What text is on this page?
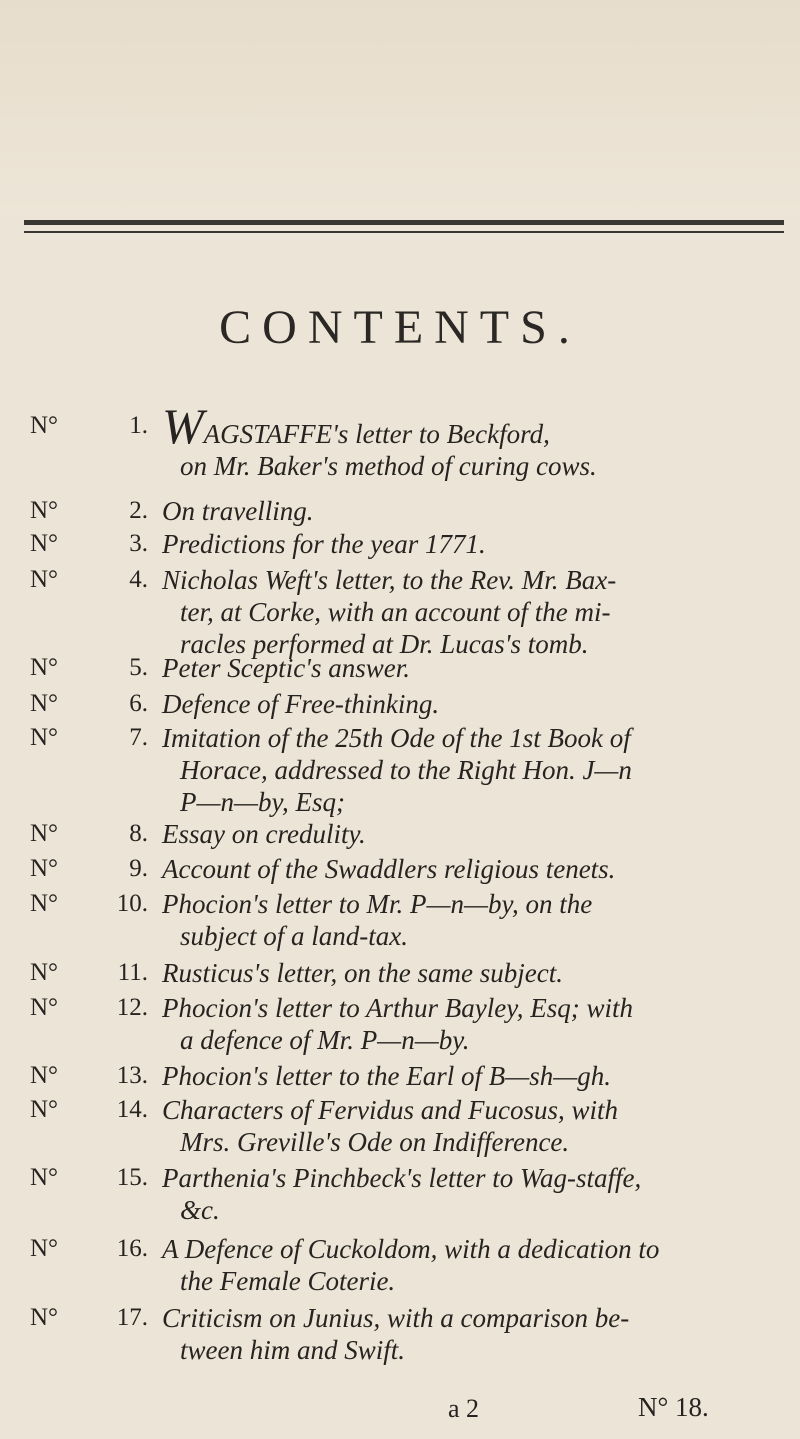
CONTENTS.
N°	1. WAGSTAFFE's letter to Beckford,
on Mr. Baker's method of curing cows.
N°	2. On travelling.
N°	3. Predictions for the year 1771.
N°	4. Nicholas Weft's letter, to the Rev. Mr. Bax-
ter, at Corke, with an account of the mi-
racles performed at Dr. Lucas's tomb.
N°	5. Peter Sceptic's answer.
N°	6. Defence of Free-thinking.
N°	7. Imitation of the 25th Ode of the 1st Book of
Horace, addressed to the Right Hon. J—n
P—n—by, Esq;
N°	8. Essay on credulity.
N°	9. Account of the Swaddlers religious tenets.
N°	10. Phocion's letter to Mr. P—n—by, on the
subject of a land-tax.
N°	11. Rusticus's letter, on the same subject.
N°	12. Phocion's letter to Arthur Bayley, Esq; with
a defence of Mr. P—n—by.
N°	13. Phocion's letter to the Earl of B—sh—gh.
N°	14. Characters of Fervidus and Fucosus, with
Mrs. Greville's Ode on Indifference.
N°	15. Parthenia's Pinchbeck's letter to Wag-staffe,
&c.
N°	16. A Defence of Cuckoldom, with a dedication to
the Female Coterie.
N°	17. Criticism on Junius, with a comparison be-
tween him and Swift.
a 2	N° 18.
